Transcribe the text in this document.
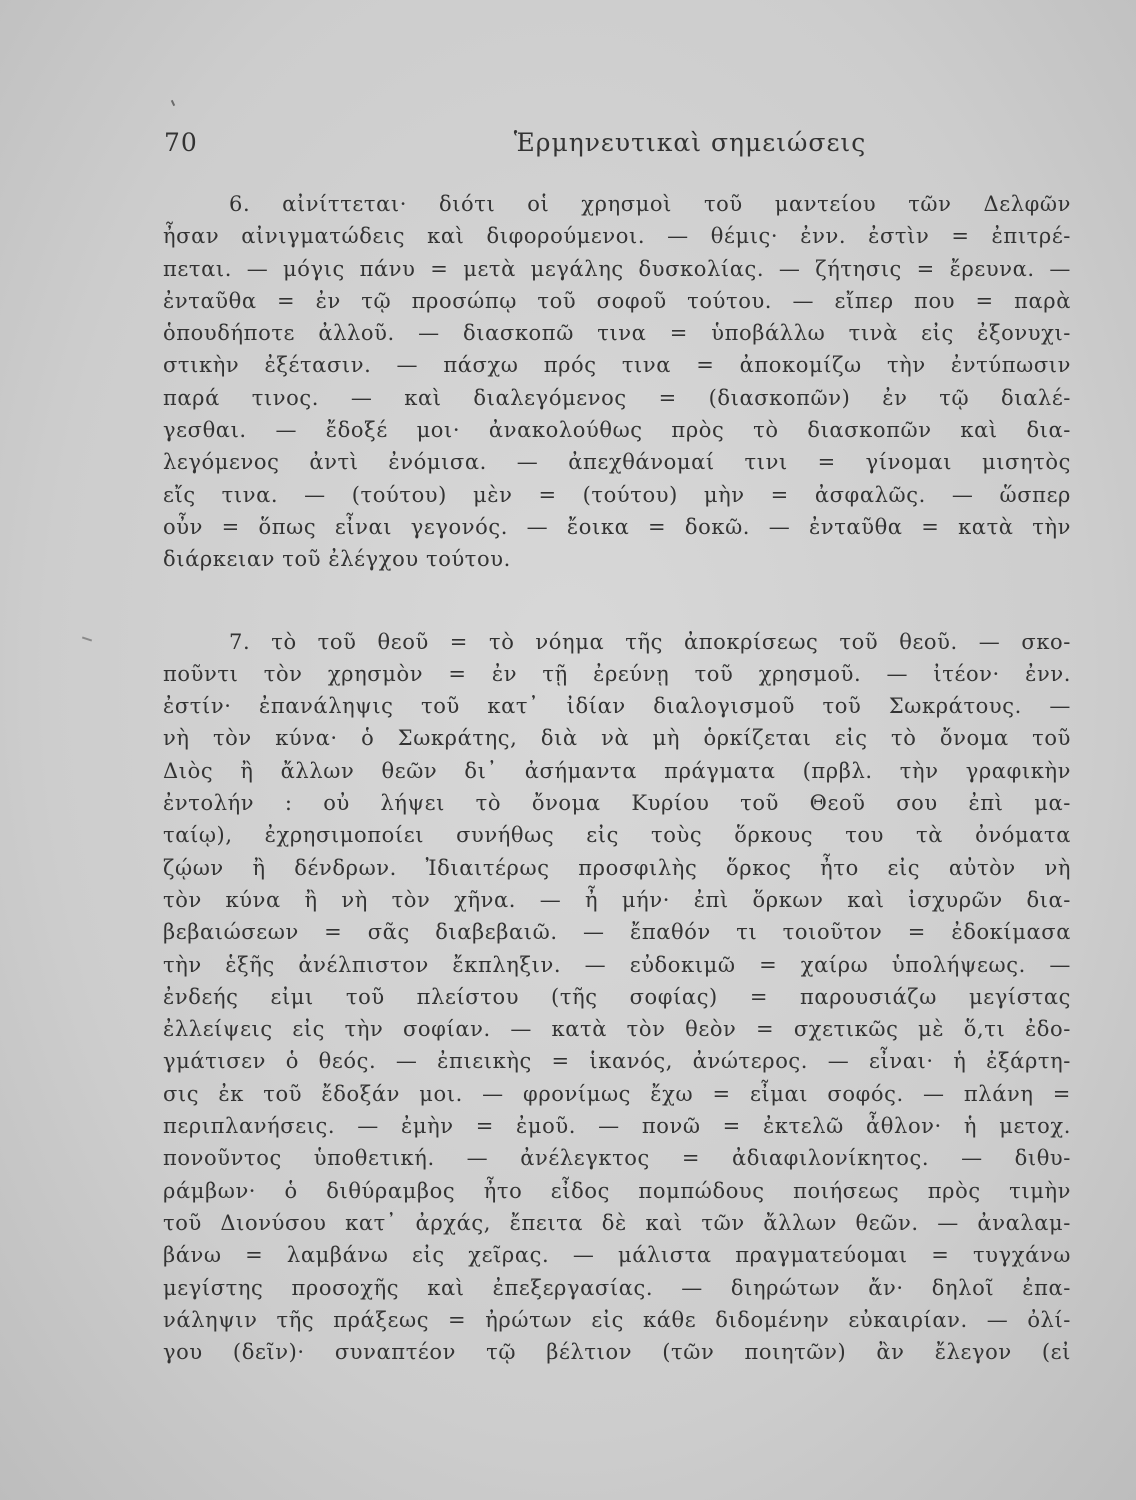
70	Ἑρμηνευτικαὶ σημειώσεις
6. αἰνίττεται· διότι οἱ χρησμοὶ τοῦ μαντείου τῶν Δελφῶν
ἦσαν αἰνιγματώδεις καὶ διφορούμενοι. — θέμις· ἐνν. ἐστὶν = ἐπιτρέ-
πεται. — μόγις πάνυ = μετὰ μεγάλης δυσκολίας. — ζήτησις = ἔρευνα. —
ἐνταῦθα = ἐν τῷ προσώπῳ τοῦ σοφοῦ τούτου. — εἴπερ που = παρὰ
ὁπουδήποτε ἀλλοῦ. — διασκοπῶ τινα = ὑποβάλλω τινὰ εἰς ἐξονυχι-
στικὴν ἐξέτασιν. — πάσχω πρός τινα = ἀποκομίζω τὴν ἐντύπωσιν
παρά τινος. — καὶ διαλεγόμενος = (διασκοπῶν) ἐν τῷ διαλέ-
γεσθαι. — ἔδοξέ μοι· ἀνακολούθως πρὸς τὸ διασκοπῶν καὶ δια-
λεγόμενος ἀντὶ ἐνόμισα. — ἀπεχθάνομαί τινι = γίνομαι μισητὸς
εἴς τινα. — (τούτου) μὲν = (τούτου) μὴν = ἀσφαλῶς. — ὥσπερ
οὖν = ὅπως εἶναι γεγονός. — ἔοικα = δοκῶ. — ἐνταῦθα = κατὰ τὴν
διάρκειαν τοῦ ἐλέγχου τούτου.
7. τὸ τοῦ θεοῦ = τὸ νόημα τῆς ἀποκρίσεως τοῦ θεοῦ. — σκο-
ποῦντι τὸν χρησμὸν = ἐν τῇ ἐρεύνῃ τοῦ χρησμοῦ. — ἰτέον· ἐνν.
ἐστίν· ἐπανάληψις τοῦ κατ᾿ ἰδίαν διαλογισμοῦ τοῦ Σωκράτους. —
νὴ τὸν κύνα· ὁ Σωκράτης, διὰ νὰ μὴ ὁρκίζεται εἰς τὸ ὄνομα τοῦ
Διὸς ἢ ἄλλων θεῶν δι᾿ ἀσήμαντα πράγματα (πρβλ. τὴν γραφικὴν
ἐντολήν : οὐ λήψει τὸ ὄνομα Κυρίου τοῦ Θεοῦ σου ἐπὶ μα-
ταίῳ), ἐχρησιμοποίει συνήθως εἰς τοὺς ὅρκους του τὰ ὀνόματα
ζῴων ἢ δένδρων. Ἰδιαιτέρως προσφιλὴς ὅρκος ἦτο εἰς αὐτὸν νὴ
τὸν κύνα ἢ νὴ τὸν χῆνα. — ἦ μήν· ἐπὶ ὅρκων καὶ ἰσχυρῶν δια-
βεβαιώσεων = σᾶς διαβεβαιῶ. — ἔπαθόν τι τοιοῦτον = ἐδοκίμασα
τὴν ἑξῆς ἀνέλπιστον ἔκπληξιν. — εὐδοκιμῶ = χαίρω ὑπολήψεως. —
ἐνδεής εἰμι τοῦ πλείστου (τῆς σοφίας) = παρουσιάζω μεγίστας
ἐλλείψεις εἰς τὴν σοφίαν. — κατὰ τὸν θεὸν = σχετικῶς μὲ ὅ,τι ἐδο-
γμάτισεν ὁ θεός. — ἐπιεικὴς = ἱκανός, ἀνώτερος. — εἶναι· ἡ ἐξάρτη-
σις ἐκ τοῦ ἔδοξάν μοι. — φρονίμως ἔχω = εἶμαι σοφός. — πλάνη =
περιπλανήσεις. — ἐμὴν = ἐμοῦ. — πονῶ = ἐκτελῶ ἆθλον· ἡ μετοχ.
πονοῦντος ὑποθετική. — ἀνέλεγκτος = ἀδιαφιλονίκητος. — διθυ-
ράμβων· ὁ διθύραμβος ἦτο εἶδος πομπώδους ποιήσεως πρὸς τιμὴν
τοῦ Διονύσου κατ᾿ ἀρχάς, ἔπειτα δὲ καὶ τῶν ἄλλων θεῶν. — ἀναλαμ-
βάνω = λαμβάνω εἰς χεῖρας. — μάλιστα πραγματεύομαι = τυγχάνω
μεγίστης προσοχῆς καὶ ἐπεξεργασίας. — διηρώτων ἄν· δηλοῖ ἐπα-
νάληψιν τῆς πράξεως = ἠρώτων εἰς κάθε διδομένην εὐκαιρίαν. — ὀλί-
γου (δεῖν)· συναπτέον τῷ βέλτιον (τῶν ποιητῶν) ἂν ἔλεγον (εἰ
